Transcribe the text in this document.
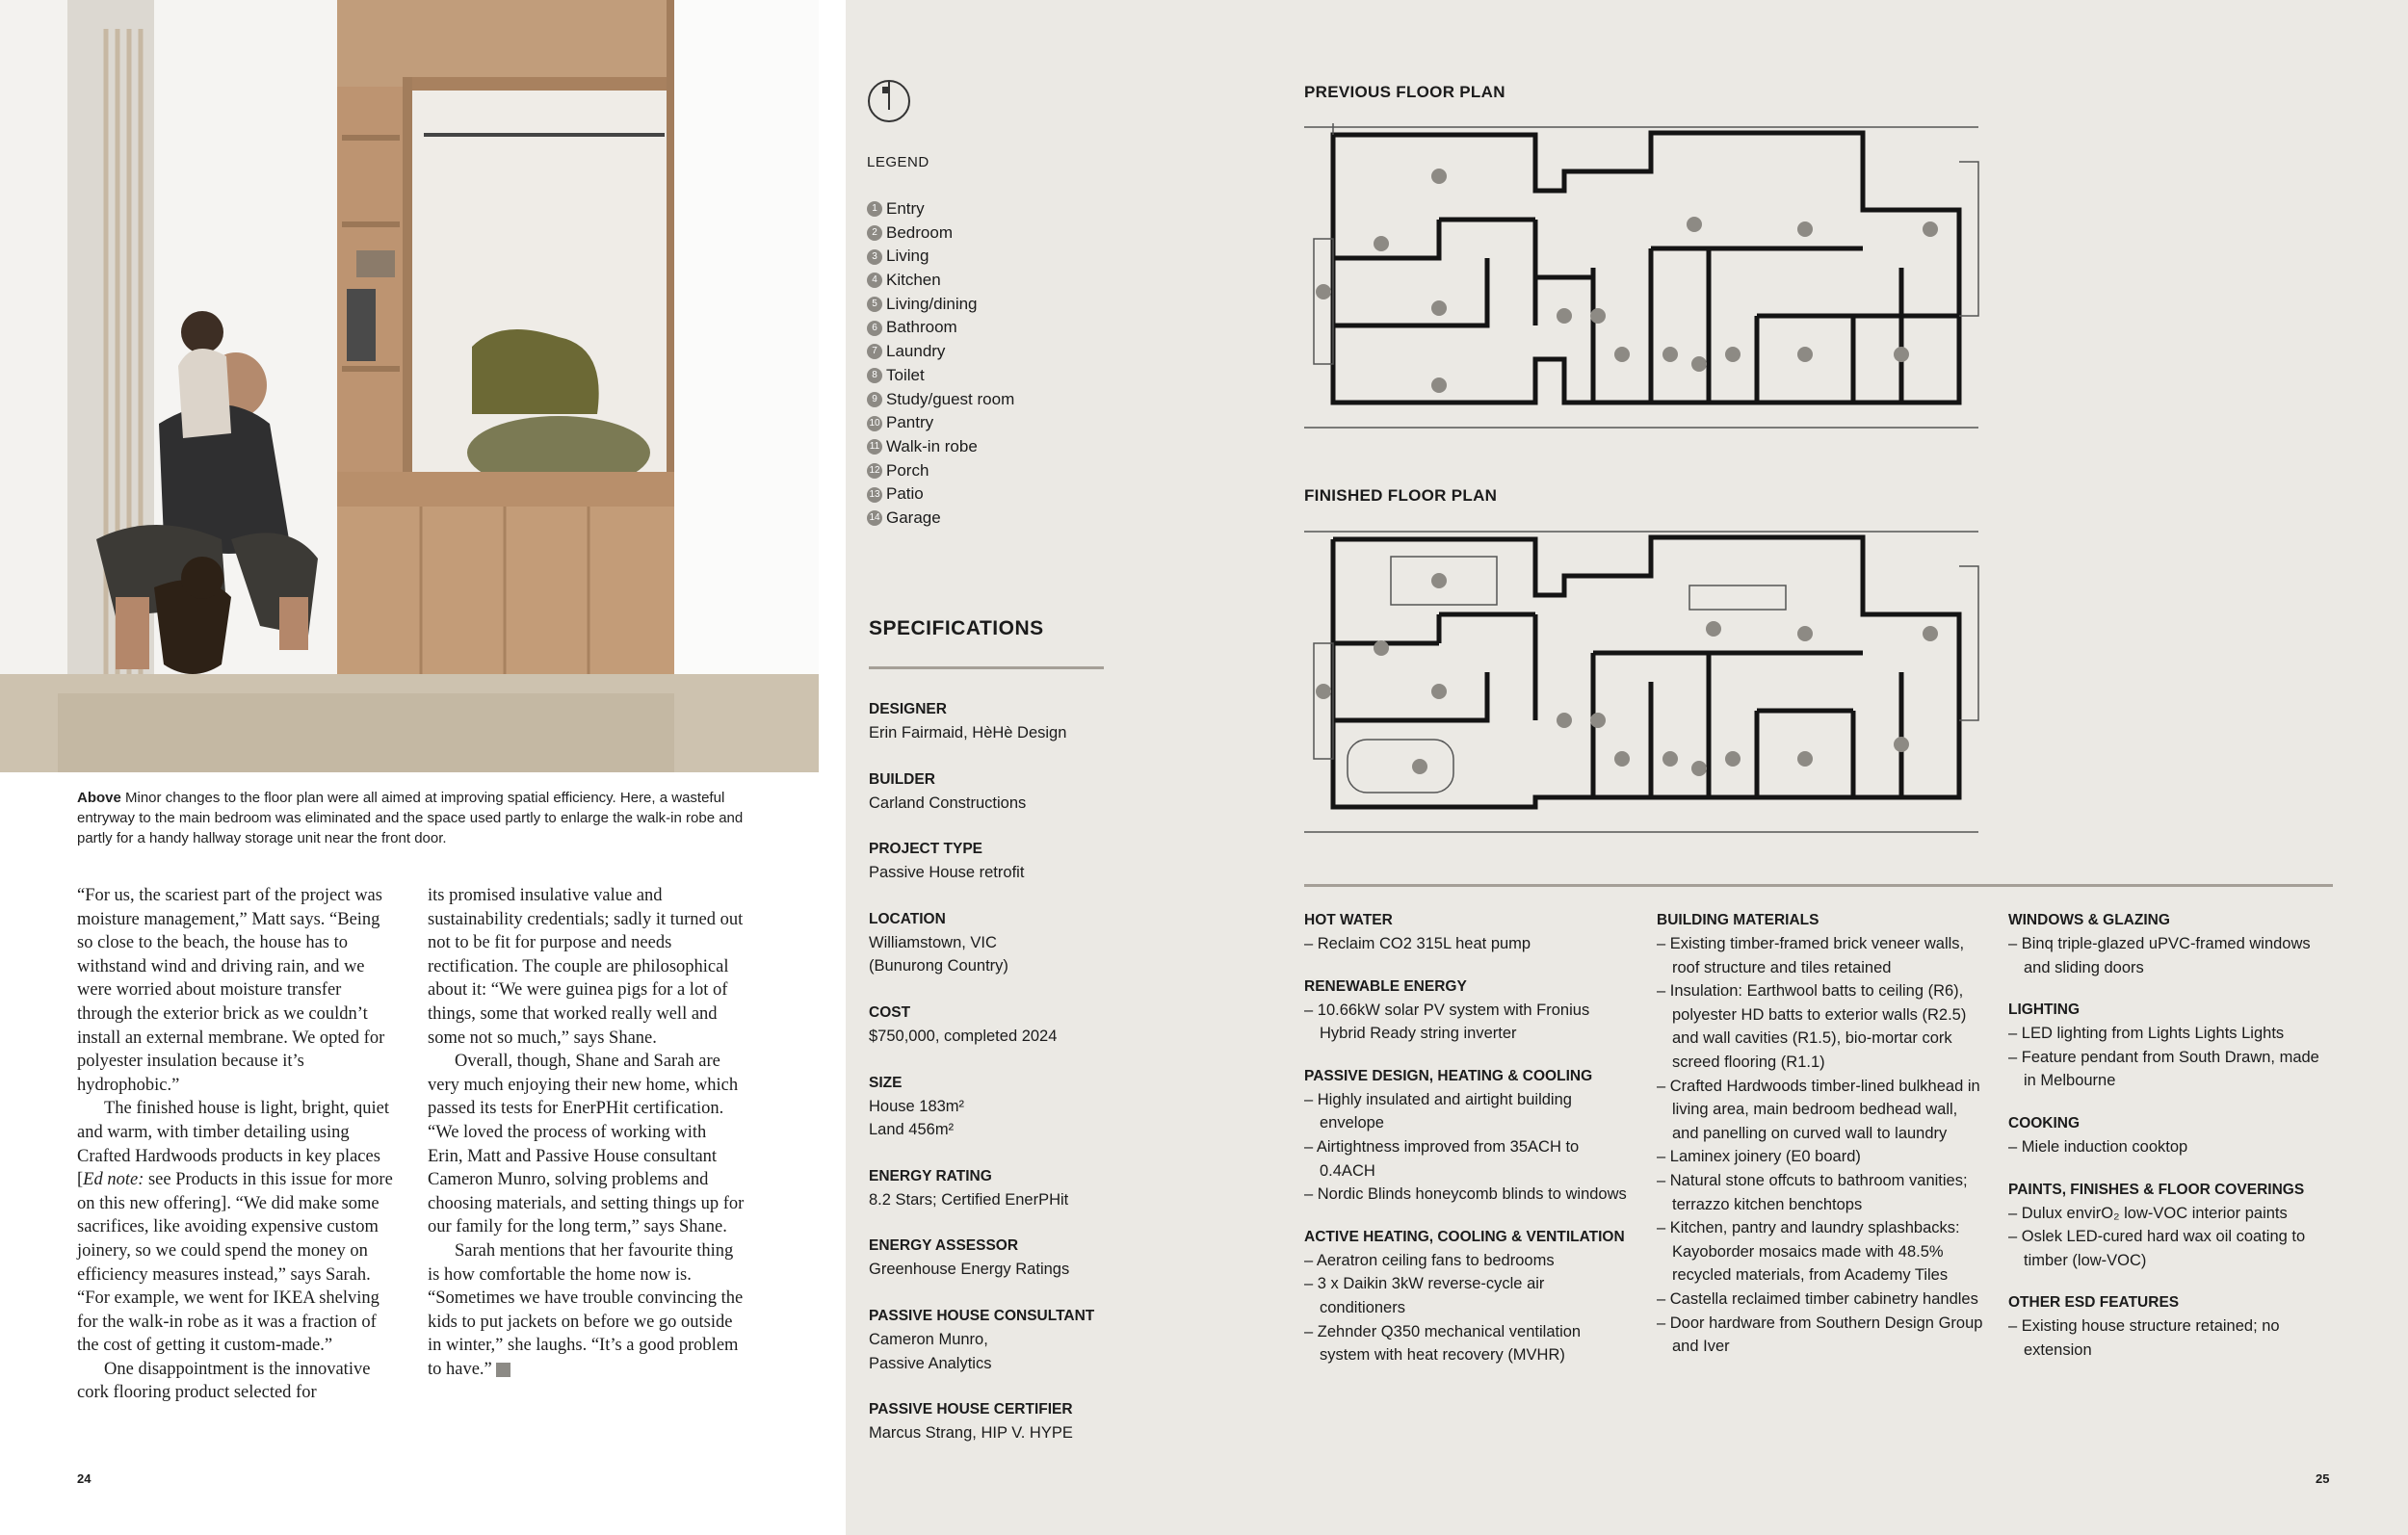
Above Minor changes to the floor plan were all aimed at improving spatial efficiency. Here, a wasteful entryway to the main bedroom was eliminated and the space used partly to enlarge the walk-in robe and partly for a handy hallway storage unit near the front door.

“For us, the scariest part of the project was moisture management,” Matt says. “Being so close to the beach, the house has to withstand wind and driving rain, and we were worried about moisture transfer through the exterior brick as we couldn’t install an external membrane. We opted for polyester insulation because it’s hydrophobic.”

The finished house is light, bright, quiet and warm, with timber detailing using Crafted Hardwoods products in key places [Ed note: see Products in this issue for more on this new offering]. “We did make some sacrifices, like avoiding expensive custom joinery, so we could spend the money on efficiency measures instead,” says Sarah. “For example, we went for IKEA shelving for the walk-in robe as it was a fraction of the cost of getting it custom-made.”

One disappointment is the innovative cork flooring product selected for

its promised insulative value and sustainability credentials; sadly it turned out not to be fit for purpose and needs rectification. The couple are philosophical about it: “We were guinea pigs for a lot of things, some that worked really well and some not so much,” says Shane.

Overall, though, Shane and Sarah are very much enjoying their new home, which passed its tests for EnerPHit certification. “We loved the process of working with Erin, Matt and Passive House consultant Cameron Munro, solving problems and choosing materials, and setting things up for our family for the long term,” says Shane.

Sarah mentions that her favourite thing is how comfortable the home now is. “Sometimes we have trouble convincing the kids to put jackets on before we go outside in winter,” she laughs. “It’s a good problem to have.”	S

24
LEGEND
1 Entry
2 Bedroom
3 Living
4 Kitchen
5 Living/dining
6 Bathroom
7 Laundry
8 Toilet
9 Study/guest room
10 Pantry
11 Walk-in robe
12 Porch
13 Patio
14 Garage
SPECIFICATIONS
DESIGNER
Erin Fairmaid, HèHè Design
BUILDER
Carland Constructions
PROJECT TYPE
Passive House retrofit
LOCATION
Williamstown, VIC
(Bunurong Country)
COST
$750,000, completed 2024
SIZE
House 183m²
Land 456m²
ENERGY RATING
8.2 Stars; Certified EnerPHit
ENERGY ASSESSOR
Greenhouse Energy Ratings
PASSIVE HOUSE CONSULTANT
Cameron Munro,
Passive Analytics
PASSIVE HOUSE CERTIFIER
Marcus Strang, HIP V. HYPE
PREVIOUS FLOOR PLAN
FINISHED FLOOR PLAN
HOT WATER
– Reclaim CO2 315L heat pump
RENEWABLE ENERGY
– 10.66kW solar PV system with Fronius Hybrid Ready string inverter
PASSIVE DESIGN, HEATING & COOLING
– Highly insulated and airtight building envelope
– Airtightness improved from 35ACH to 0.4ACH
– Nordic Blinds honeycomb blinds to windows
ACTIVE HEATING, COOLING & VENTILATION
– Aeratron ceiling fans to bedrooms
– 3 x Daikin 3kW reverse-cycle air conditioners
– Zehnder Q350 mechanical ventilation system with heat recovery (MVHR)
BUILDING MATERIALS
– Existing timber-framed brick veneer walls, roof structure and tiles retained
– Insulation: Earthwool batts to ceiling (R6), polyester HD batts to exterior walls (R2.5) and wall cavities (R1.5), bio-mortar cork screed flooring (R1.1)
– Crafted Hardwoods timber-lined bulkhead in living area, main bedroom bedhead wall, and panelling on curved wall to laundry
– Laminex joinery (E0 board)
– Natural stone offcuts to bathroom vanities; terrazzo kitchen benchtops
– Kitchen, pantry and laundry splashbacks: Kayoborder mosaics made with 48.5% recycled materials, from Academy Tiles
– Castella reclaimed timber cabinetry handles
– Door hardware from Southern Design Group and Iver
WINDOWS & GLAZING
– Binq triple-glazed uPVC-framed windows and sliding doors
LIGHTING
– LED lighting from Lights Lights Lights
– Feature pendant from South Drawn, made in Melbourne
COOKING
– Miele induction cooktop
PAINTS, FINISHES & FLOOR COVERINGS
– Dulux envirO₂ low-VOC interior paints
– Oslek LED-cured hard wax oil coating to timber (low-VOC)
OTHER ESD FEATURES
– Existing house structure retained; no extension
25
